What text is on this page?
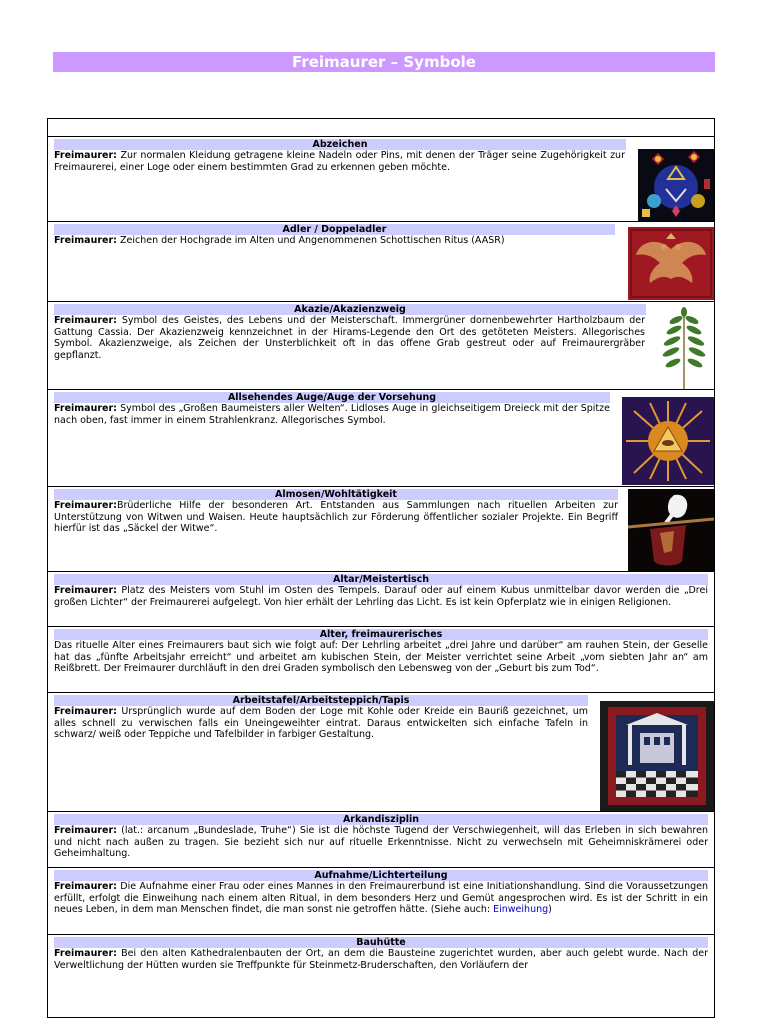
Freimaurer – Symbole
Abzeichen
Freimaurer: Zur normalen Kleidung getragene kleine Nadeln oder Pins, mit denen der Träger seine Zugehörigkeit zur Freimaurerei, einer Loge oder einem bestimmten Grad zu erkennen geben möchte.
Adler / Doppeladler
Freimaurer: Zeichen der Hochgrade im Alten und Angenommenen Schottischen Ritus (AASR)
Akazie/Akazienzweig
Freimaurer: Symbol des Geistes, des Lebens und der Meisterschaft. Immergrüner dornenbewehrter Hartholzbaum der Gattung Cassia. Der Akazienzweig kennzeichnet in der Hirams-Legende den Ort des getöteten Meisters. Allegorisches Symbol. Akazienzweige, als Zeichen der Unsterblichkeit oft in das offene Grab gestreut oder auf Freimaurergräber gepflanzt.
Allsehendes Auge/Auge der Vorsehung
Freimaurer: Symbol des „Großen Baumeisters aller Welten“. Lidloses Auge in gleichseitigem Dreieck mit der Spitze nach oben, fast immer in einem Strahlenkranz. Allegorisches Symbol.
Almosen/Wohltätigkeit
Freimaurer:Brüderliche Hilfe der besonderen Art. Entstanden aus Sammlungen nach rituellen Arbeiten zur Unterstützung von Witwen und Waisen. Heute hauptsächlich zur Förderung öffentlicher sozialer Projekte. Ein Begriff hierfür ist das „Säckel der Witwe“.
Altar/Meistertisch
Freimaurer: Platz des Meisters vom Stuhl im Osten des Tempels. Darauf oder auf einem Kubus unmittelbar davor werden die „Drei großen Lichter“ der Freimaurerei aufgelegt. Von hier erhält der Lehrling das Licht. Es ist kein Opferplatz wie in einigen Religionen.
Alter, freimaurerisches
Das rituelle Alter eines Freimaurers baut sich wie folgt auf: Der Lehrling arbeitet „drei Jahre und darüber“ am rauhen Stein, der Geselle hat das „fünfte Arbeitsjahr erreicht“ und arbeitet am kubischen Stein, der Meister verrichtet seine Arbeit „vom siebten Jahr an“ am Reißbrett. Der Freimaurer durchläuft in den drei Graden symbolisch den Lebensweg von der „Geburt bis zum Tod“.
Arbeitstafel/Arbeitsteppich/Tapis
Freimaurer: Ursprünglich wurde auf dem Boden der Loge mit Kohle oder Kreide ein Bauriß gezeichnet, um alles schnell zu verwischen falls ein Uneingeweihter eintrat. Daraus entwickelten sich einfache Tafeln in schwarz/ weiß oder Teppiche und Tafelbilder in farbiger Gestaltung.
Arkandisziplin
Freimaurer: (lat.: arcanum „Bundeslade, Truhe“) Sie ist die höchste Tugend der Verschwiegenheit, will das Erleben in sich bewahren und nicht nach außen zu tragen. Sie bezieht sich nur auf rituelle Erkenntnisse. Nicht zu verwechseln mit Geheimniskrämerei oder Geheimhaltung.
Aufnahme/Lichterteilung
Freimaurer: Die Aufnahme einer Frau oder eines Mannes in den Freimaurerbund ist eine Initiationshandlung. Sind die Voraussetzungen erfüllt, erfolgt die Einweihung nach einem alten Ritual, in dem besonders Herz und Gemüt angesprochen wird. Es ist der Schritt in ein neues Leben, in dem man Menschen findet, die man sonst nie getroffen hätte. (Siehe auch: Einweihung)
Bauhütte
Freimaurer: Bei den alten Kathedralenbauten der Ort, an dem die Bausteine zugerichtet wurden, aber auch gelebt wurde. Nach der Verweltlichung der Hütten wurden sie Treffpunkte für Steinmetz-Bruderschaften, den Vorläufern der
